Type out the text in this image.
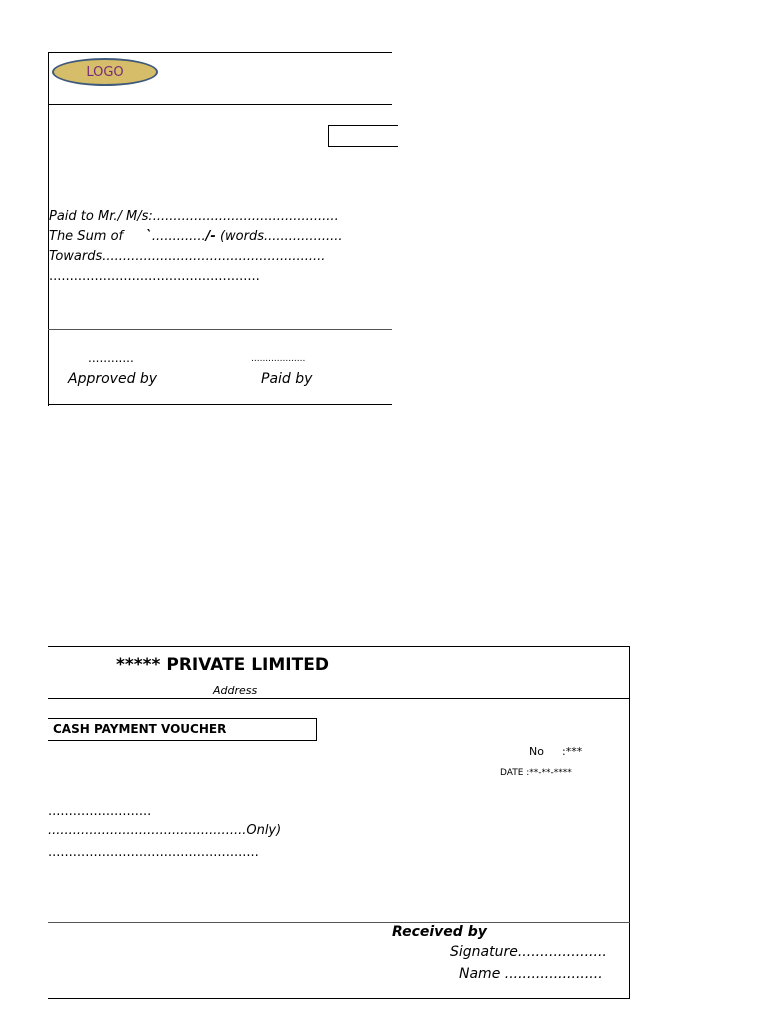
LOGO
Paid to Mr./ M/s:.............................................
The Sum of `............./- (words...................
Towards......................................................
...................................................
............
Approved by
...................
Paid by
***** PRIVATE LIMITED
Address
CASH PAYMENT VOUCHER
No :***
DATE :**-**-****
.........................
................................................Only)
...................................................
Received by
Signature....................
Name ......................
